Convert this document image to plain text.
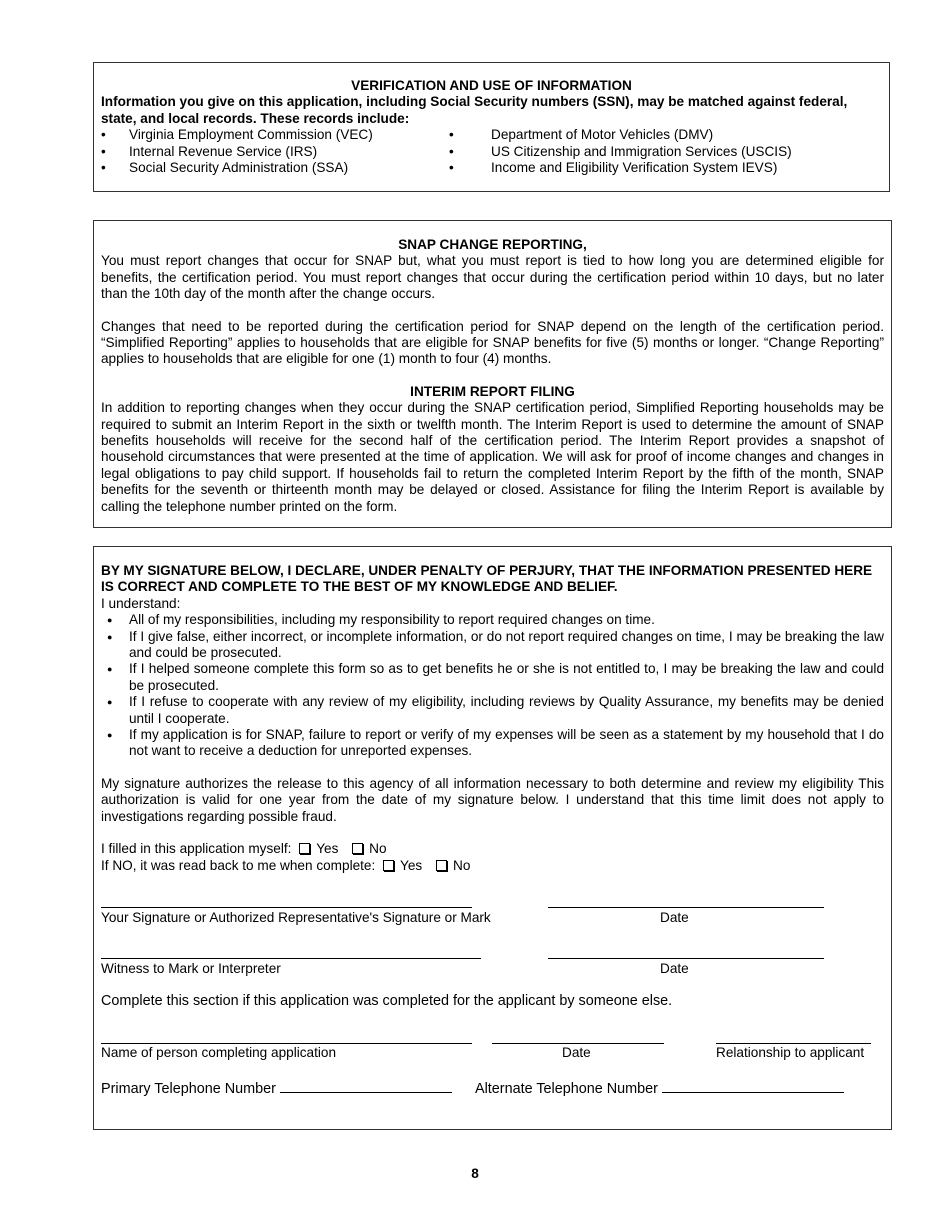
VERIFICATION AND USE OF INFORMATION
Information you give on this application, including Social Security numbers (SSN), may be matched against federal, state, and local records. These records include:
• Virginia Employment Commission (VEC)
• Internal Revenue Service (IRS)
• Social Security Administration (SSA)
• Department of Motor Vehicles (DMV)
• US Citizenship and Immigration Services (USCIS)
• Income and Eligibility Verification System IEVS)
SNAP CHANGE REPORTING,

You must report changes that occur for SNAP but, what you must report is tied to how long you are determined eligible for benefits, the certification period. You must report changes that occur during the certification period within 10 days, but no later than the 10th day of the month after the change occurs.

Changes that need to be reported during the certification period for SNAP depend on the length of the certification period. “Simplified Reporting” applies to households that are eligible for SNAP benefits for five (5) months or longer. “Change Reporting” applies to households that are eligible for one (1) month to four (4) months.

INTERIM REPORT FILING

In addition to reporting changes when they occur during the SNAP certification period, Simplified Reporting households may be required to submit an Interim Report in the sixth or twelfth month. The Interim Report is used to determine the amount of SNAP benefits households will receive for the second half of the certification period. The Interim Report provides a snapshot of household circumstances that were presented at the time of application. We will ask for proof of income changes and changes in legal obligations to pay child support. If households fail to return the completed Interim Report by the fifth of the month, SNAP benefits for the seventh or thirteenth month may be delayed or closed. Assistance for filing the Interim Report is available by calling the telephone number printed on the form.

BY MY SIGNATURE BELOW, I DECLARE, UNDER PENALTY OF PERJURY, THAT THE INFORMATION PRESENTED HERE IS CORRECT AND COMPLETE TO THE BEST OF MY KNOWLEDGE AND BELIEF.
I understand:
● All of my responsibilities, including my responsibility to report required changes on time.
● If I give false, either incorrect, or incomplete information, or do not report required changes on time, I may be breaking the law and could be prosecuted.
● If I helped someone complete this form so as to get benefits he or she is not entitled to, I may be breaking the law and could be prosecuted.
● If I refuse to cooperate with any review of my eligibility, including reviews by Quality Assurance, my benefits may be denied until I cooperate.
● If my application is for SNAP, failure to report or verify of my expenses will be seen as a statement by my household that I do not want to receive a deduction for unreported expenses.

My signature authorizes the release to this agency of all information necessary to both determine and review my eligibility This authorization is valid for one year from the date of my signature below. I understand that this time limit does not apply to investigations regarding possible fraud.

I filled in this application myself: Yes No
If NO, it was read back to me when complete: Yes No
Your Signature or Authorized Representative's Signature or Mark	Date
Witness to Mark or Interpreter	Date
Complete this section if this application was completed for the applicant by someone else.
Name of person completing application	Date	Relationship to applicant
Primary Telephone Number	Alternate Telephone Number
8
